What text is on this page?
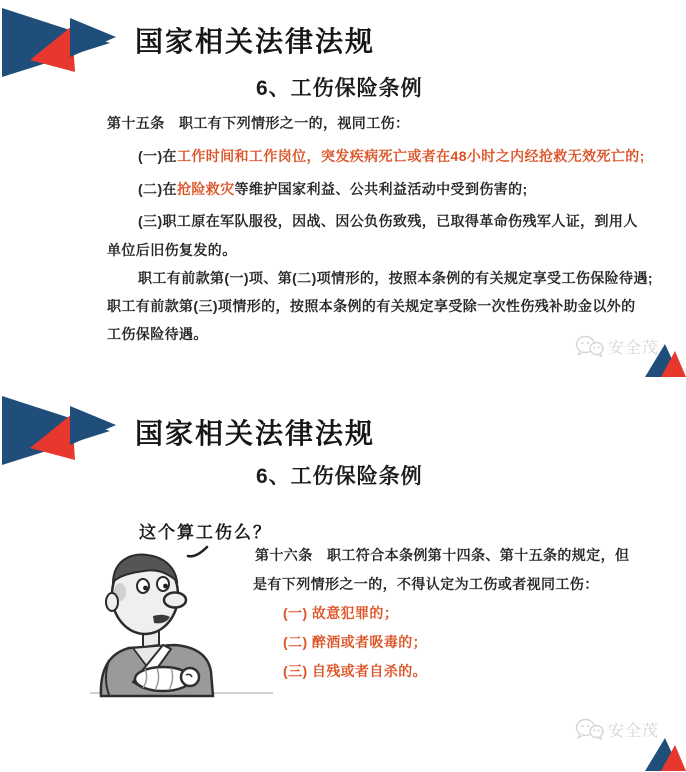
国家相关法律法规
6、工伤保险条例
第十五条　职工有下列情形之一的，视同工伤：
(一)在工作时间和工作岗位，突发疾病死亡或者在48小时之内经抢救无效死亡的;
(二)在抢险救灾等维护国家利益、公共利益活动中受到伤害的;
(三)职工原在军队服役，因战、因公负伤致残，已取得革命伤残军人证，到用人
单位后旧伤复发的。
职工有前款第(一)项、第(二)项情形的，按照本条例的有关规定享受工伤保险待遇;
职工有前款第(三)项情形的，按照本条例的有关规定享受除一次性伤残补助金以外的
工伤保险待遇。
安全茂
国家相关法律法规
6、工伤保险条例
这个算工伤么？
第十六条　职工符合本条例第十四条、第十五条的规定，但
是有下列情形之一的，不得认定为工伤或者视同工伤：
(一) 故意犯罪的；
(二) 醉酒或者吸毒的；
(三) 自残或者自杀的。
安全茂
